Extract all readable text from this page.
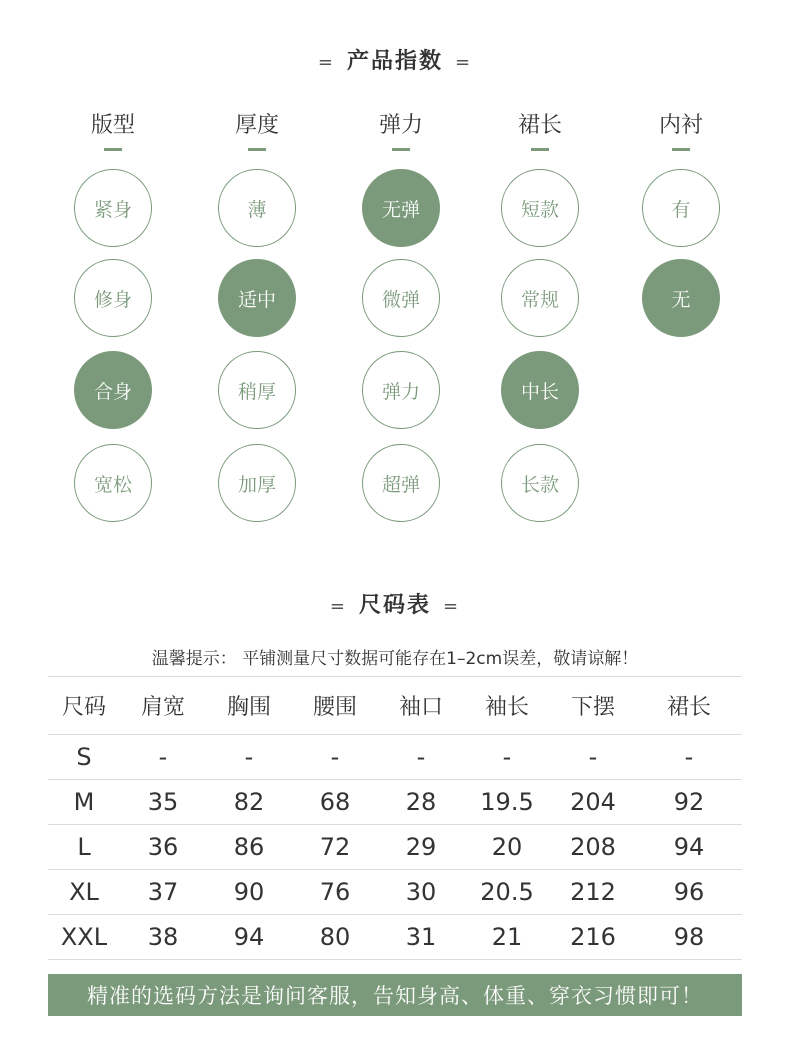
= 产品指数 =
版型
紧身
修身
合身
宽松
厚度
薄
适中
稍厚
加厚
弹力
无弹
微弹
弹力
超弹
裙长
短款
常规
中长
长款
内衬
有
无
= 尺码表 =
温馨提示： 平铺测量尺寸数据可能存在1–2cm误差，敬请谅解！
尺码	肩宽	胸围	腰围	袖口	袖长	下摆	裙长
S	-	-	-	-	-	-	-
M	35	82	68	28	19.5	204	92
L	36	86	72	29	20	208	94
XL	37	90	76	30	20.5	212	96
XXL	38	94	80	31	21	216	98
精准的选码方法是询问客服，告知身高、体重、穿衣习惯即可！
